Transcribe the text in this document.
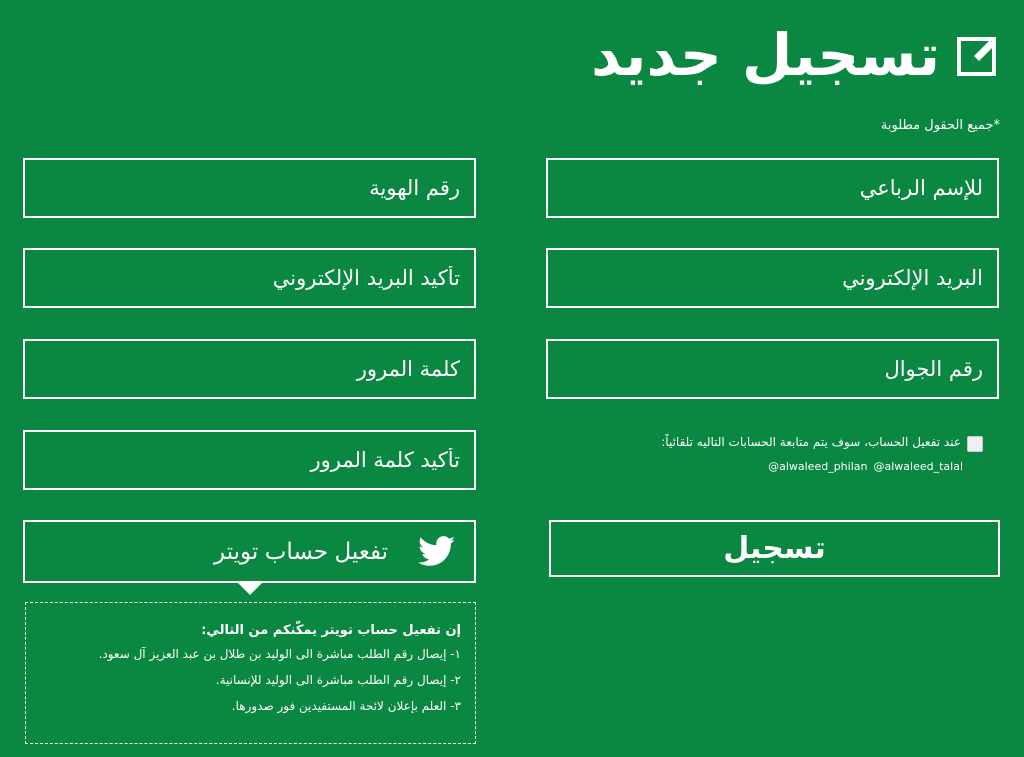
تسجيل جديد
*جميع الحقول مطلوبة
للإسم الرباعي
رقم الهوية
البريد الإلكتروني
تأكيد البريد الإلكتروني
رقم الجوال
عند تفعيل الحساب، سوف يتم متابعة الحسابات التاليه تلقائياً:
@alwaleed_talal
@alwaleed_philan
تسجيل
تفعيل حساب تويتر
إن تفعيل حساب تويتر يمكّنكم من التالي:
١- إيصال رقم الطلب مباشرة الى الوليد بن طلال بن عبد العزيز آل سعود.
٢- إيصال رقم الطلب مباشرة الى الوليد للإنسانية.
٣- العلم بإعلان لائحة المستفيدين فور صدورها.
